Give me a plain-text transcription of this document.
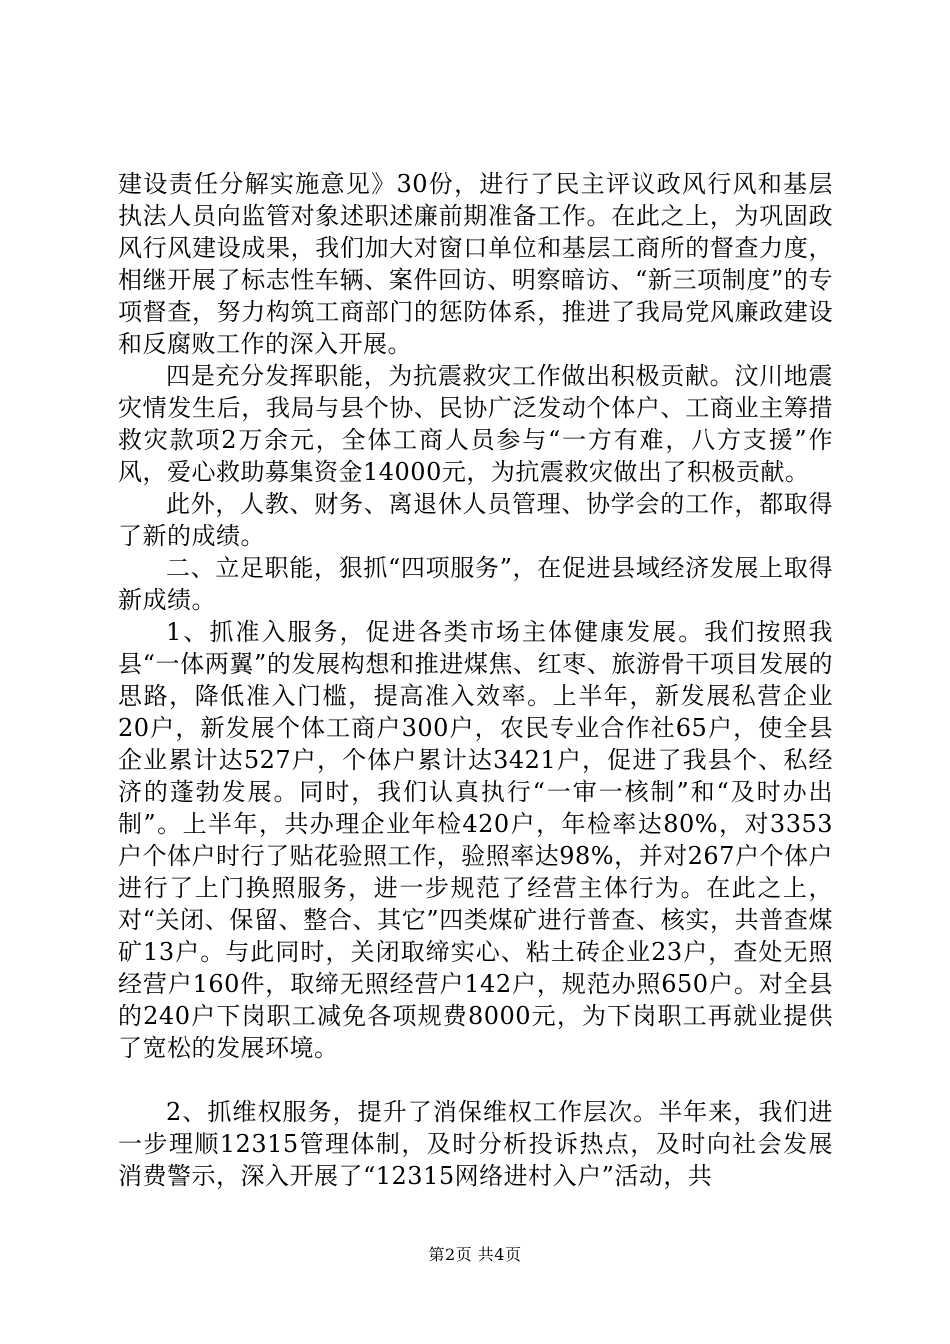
建设责任分解实施意见》30份，进行了民主评议政风行风和基层执法人员向监管对象述职述廉前期准备工作。在此之上，为巩固政风行风建设成果，我们加大对窗口单位和基层工商所的督查力度，相继开展了标志性车辆、案件回访、明察暗访、“新三项制度”的专项督查，努力构筑工商部门的惩防体系，推进了我局党风廉政建设和反腐败工作的深入开展。

四是充分发挥职能，为抗震救灾工作做出积极贡献。汶川地震灾情发生后，我局与县个协、民协广泛发动个体户、工商业主筹措救灾款项2万余元，全体工商人员参与“一方有难，八方支援”作风，爱心救助募集资金14000元，为抗震救灾做出了积极贡献。

此外，人教、财务、离退休人员管理、协学会的工作，都取得了新的成绩。

二、立足职能，狠抓“四项服务”，在促进县域经济发展上取得新成绩。

1、抓准入服务，促进各类市场主体健康发展。我们按照我县“一体两翼”的发展构想和推进煤焦、红枣、旅游骨干项目发展的思路，降低准入门槛，提高准入效率。上半年，新发展私营企业20户，新发展个体工商户300户，农民专业合作社65户，使全县企业累计达527户，个体户累计达3421户，促进了我县个、私经济的蓬勃发展。同时，我们认真执行“一审一核制”和“及时办出制”。上半年，共办理企业年检420户，年检率达80%，对3353户个体户时行了贴花验照工作，验照率达98%，并对267户个体户进行了上门换照服务，进一步规范了经营主体行为。在此之上，对“关闭、保留、整合、其它”四类煤矿进行普查、核实，共普查煤矿13户。与此同时，关闭取缔实心、粘土砖企业23户，查处无照经营户160件，取缔无照经营户142户，规范办照650户。对全县的240户下岗职工减免各项规费8000元，为下岗职工再就业提供了宽松的发展环境。

2、抓维权服务，提升了消保维权工作层次。半年来，我们进一步理顺12315管理体制，及时分析投诉热点，及时向社会发展消费警示，深入开展了“12315网络进村入户”活动，共

第2页 共4页
